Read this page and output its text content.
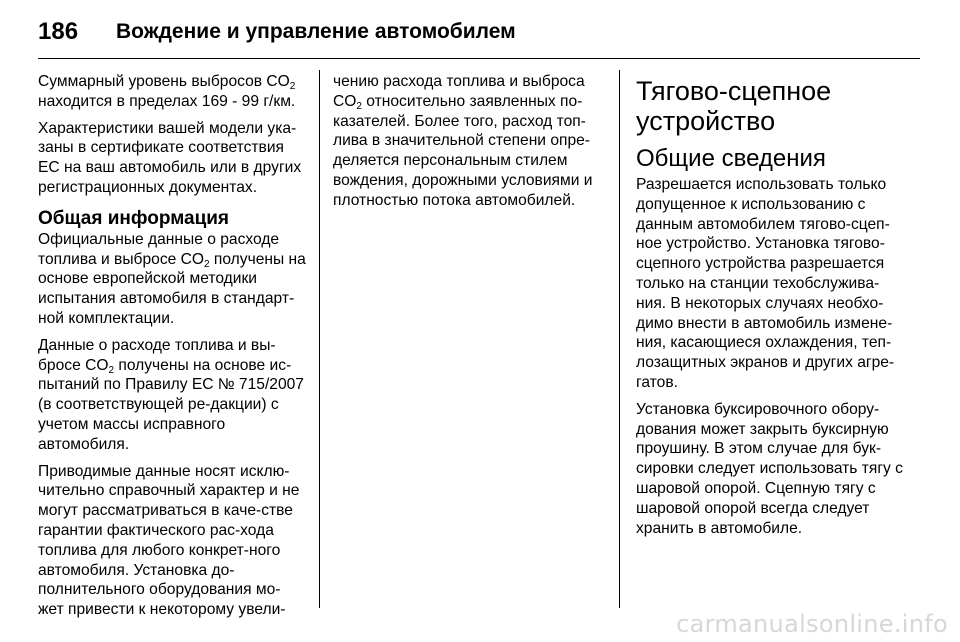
186	Вождение и управление автомобилем

Суммарный уровень выбросов $CO_2$ находится в пределах 169 - 99 г/км.

Характеристики вашей модели ука-заны в сертификате соответствия ЕС на ваш автомобиль или в других регистрационных документах.

Общая информация

Официальные данные о расходе топлива и выбросе $CO_2$ получены на основе европейской методики испытания автомобиля в стандарт-ной комплектации.

Данные о расходе топлива и вы-бросе $CO_2$ получены на основе ис-пытаний по Правилу ЕС № 715/2007 (в соответствующей ре-дакции) с учетом массы исправного автомобиля.

Приводимые данные носят исклю-чительно справочный характер и не могут рассматриваться в каче-стве гарантии фактического рас-хода топлива для любого конкрет-ного автомобиля. Установка до-полнительного оборудования мо-жет привести к некоторому увели-

чению расхода топлива и выброса $CO_2$ относительно заявленных по-казателей. Более того, расход топ-лива в значительной степени опре-деляется персональным стилем вождения, дорожными условиями и плотностью потока автомобилей.

Тягово-сцепное устройство
Общие сведения

Разрешается использовать только допущенное к использованию с данным автомобилем тягово-сцеп-ное устройство. Установка тягово-сцепного устройства разрешается только на станции техобслужива-ния. В некоторых случаях необхо-димо внести в автомобиль измене-ния, касающиеся охлаждения, теп-лозащитных экранов и других агре-гатов.

Установка буксировочного обору-дования может закрыть буксирную проушину. В этом случае для бук-сировки следует использовать тягу с шаровой опорой. Сцепную тягу с шаровой опорой всегда следует хранить в автомобиле.

carmanualsonline.info
